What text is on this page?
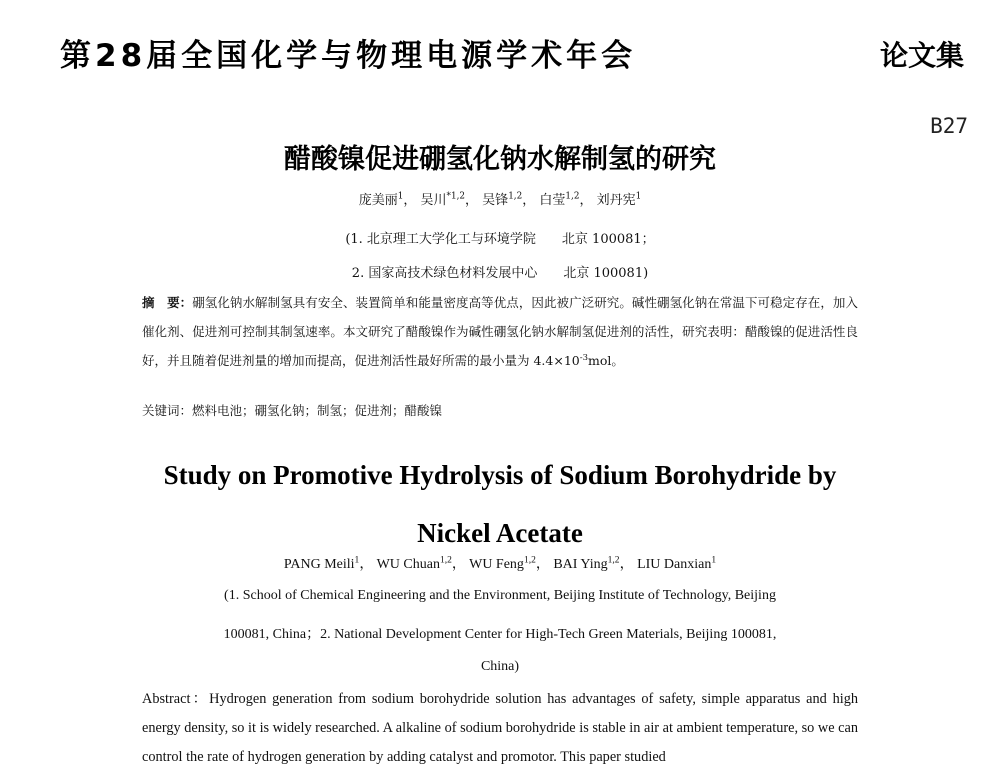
第28届全国化学与物理电源学术年会	论文集
B27
醋酸镍促进硼氢化钠水解制氢的研究
庞美丽$^1$， 吴川$^{*1,2}$， 吴锋$^{1,2}$， 白莹$^{1,2}$， 刘丹宪$^1$
(1. 北京理工大学化工与环境学院 北京 100081；
2. 国家高技术绿色材料发展中心 北京 100081)
摘　要：硼氢化钠水解制氢具有安全、装置简单和能量密度高等优点，因此被广泛研究。碱性硼氢化钠在常温下可稳定存在，加入催化剂、促进剂可控制其制氢速率。本文研究了醋酸镍作为碱性硼氢化钠水解制氢促进剂的活性，研究表明：醋酸镍的促进活性良好，并且随着促进剂量的增加而提高，促进剂活性最好所需的最小量为 $4.4\times 10^{-3}mol$。
关键词：燃料电池；硼氢化钠；制氢；促进剂；醋酸镍
Study on Promotive Hydrolysis of Sodium Borohydride by
Nickel Acetate
PANG Meili$^1$， WU Chuan$^{1,2}$， WU Feng$^{1,2}$， BAI Ying$^{1,2}$， LIU Danxian$^1$
(1. School of Chemical Engineering and the Environment, Beijing Institute of Technology, Beijing
100081, China；2. National Development Center for High-Tech Green Materials, Beijing 100081,
China)
Abstract：Hydrogen generation from sodium borohydride solution has advantages of safety, simple apparatus and high energy density, so it is widely researched. A alkaline of sodium borohydride is stable in air at ambient temperature, so we can control the rate of hydrogen generation by adding catalyst and promotor. This paper studied
